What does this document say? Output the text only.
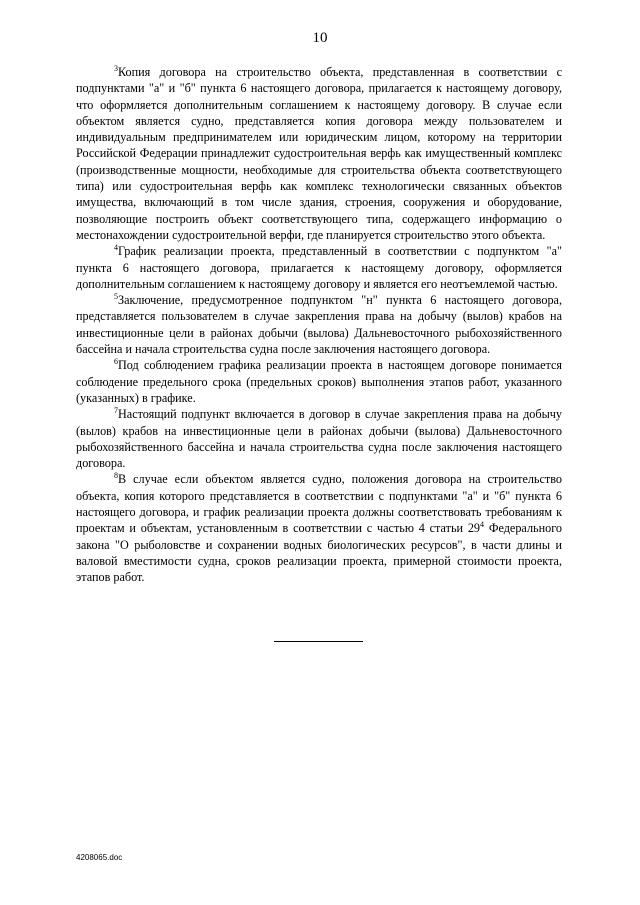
10

$^3$Копия договора на строительство объекта, представленная в соответствии с подпунктами "а" и "б" пункта 6 настоящего договора, прилагается к настоящему договору, что оформляется дополнительным соглашением к настоящему договору. В случае если объектом является судно, представляется копия договора между пользователем и индивидуальным предпринимателем или юридическим лицом, которому на территории Российской Федерации принадлежит судостроительная верфь как имущественный комплекс (производственные мощности, необходимые для строительства объекта соответствующего типа) или судостроительная верфь как комплекс технологически связанных объектов имущества, включающий в том числе здания, строения, сооружения и оборудование, позволяющие построить объект соответствующего типа, содержащего информацию о местонахождении судостроительной верфи, где планируется строительство этого объекта.

$^4$График реализации проекта, представленный в соответствии с подпунктом "а" пункта 6 настоящего договора, прилагается к настоящему договору, оформляется дополнительным соглашением к настоящему договору и является его неотъемлемой частью.

$^5$Заключение, предусмотренное подпунктом "н" пункта 6 настоящего договора, представляется пользователем в случае закрепления права на добычу (вылов) крабов на инвестиционные цели в районах добычи (вылова) Дальневосточного рыбохозяйственного бассейна и начала строительства судна после заключения настоящего договора.

$^6$Под соблюдением графика реализации проекта в настоящем договоре понимается соблюдение предельного срока (предельных сроков) выполнения этапов работ, указанного (указанных) в графике.

$^7$Настоящий подпункт включается в договор в случае закрепления права на добычу (вылов) крабов на инвестиционные цели в районах добычи (вылова) Дальневосточного рыбохозяйственного бассейна и начала строительства судна после заключения настоящего договора.

$^8$В случае если объектом является судно, положения договора на строительство объекта, копия которого представляется в соответствии с подпунктами "а" и "б" пункта 6 настоящего договора, и график реализации проекта должны соответствовать требованиям к проектам и объектам, установленным в соответствии с частью 4 статьи $29^4$ Федерального закона "О рыболовстве и сохранении водных биологических ресурсов", в части длины и валовой вместимости судна, сроков реализации проекта, примерной стоимости проекта, этапов работ.

4208065.doc
